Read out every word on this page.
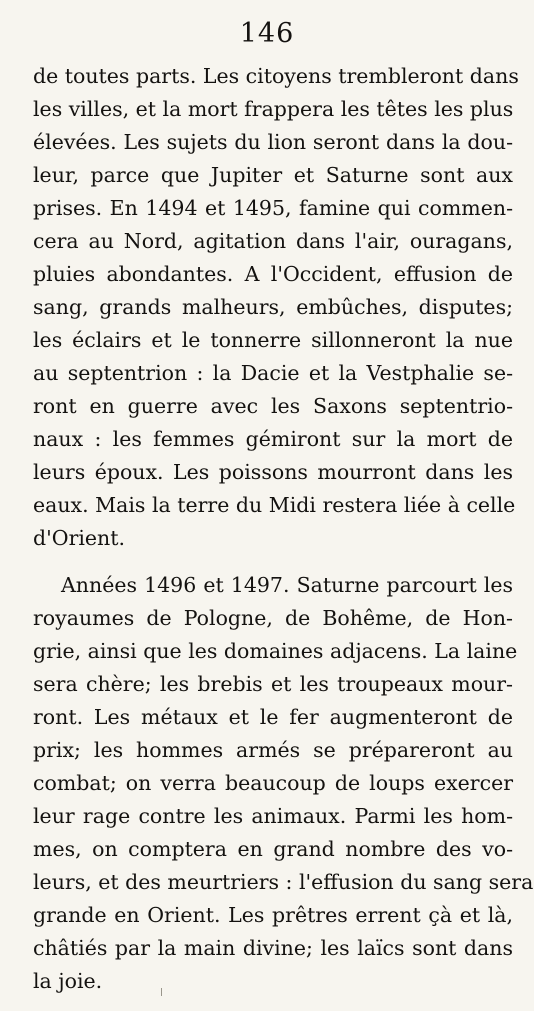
146
de toutes parts. Les citoyens trembleront dans
les villes, et la mort frappera les têtes les plus
élevées. Les sujets du lion seront dans la dou-
leur, parce que Jupiter et Saturne sont aux
prises. En 1494 et 1495, famine qui commen-
cera au Nord, agitation dans l'air, ouragans,
pluies abondantes. A l'Occident, effusion de
sang, grands malheurs, embûches, disputes;
les éclairs et le tonnerre sillonneront la nue
au septentrion : la Dacie et la Vestphalie se-
ront en guerre avec les Saxons septentrio-
naux : les femmes gémiront sur la mort de
leurs époux. Les poissons mourront dans les
eaux. Mais la terre du Midi restera liée à celle
d'Orient.
Années 1496 et 1497. Saturne parcourt les
royaumes de Pologne, de Bohême, de Hon-
grie, ainsi que les domaines adjacens. La laine
sera chère; les brebis et les troupeaux mour-
ront. Les métaux et le fer augmenteront de
prix; les hommes armés se prépareront au
combat; on verra beaucoup de loups exercer
leur rage contre les animaux. Parmi les hom-
mes, on comptera en grand nombre des vo-
leurs, et des meurtriers : l'effusion du sang sera
grande en Orient. Les prêtres errent çà et là,
châtiés par la main divine; les laïcs sont dans
la joie.
